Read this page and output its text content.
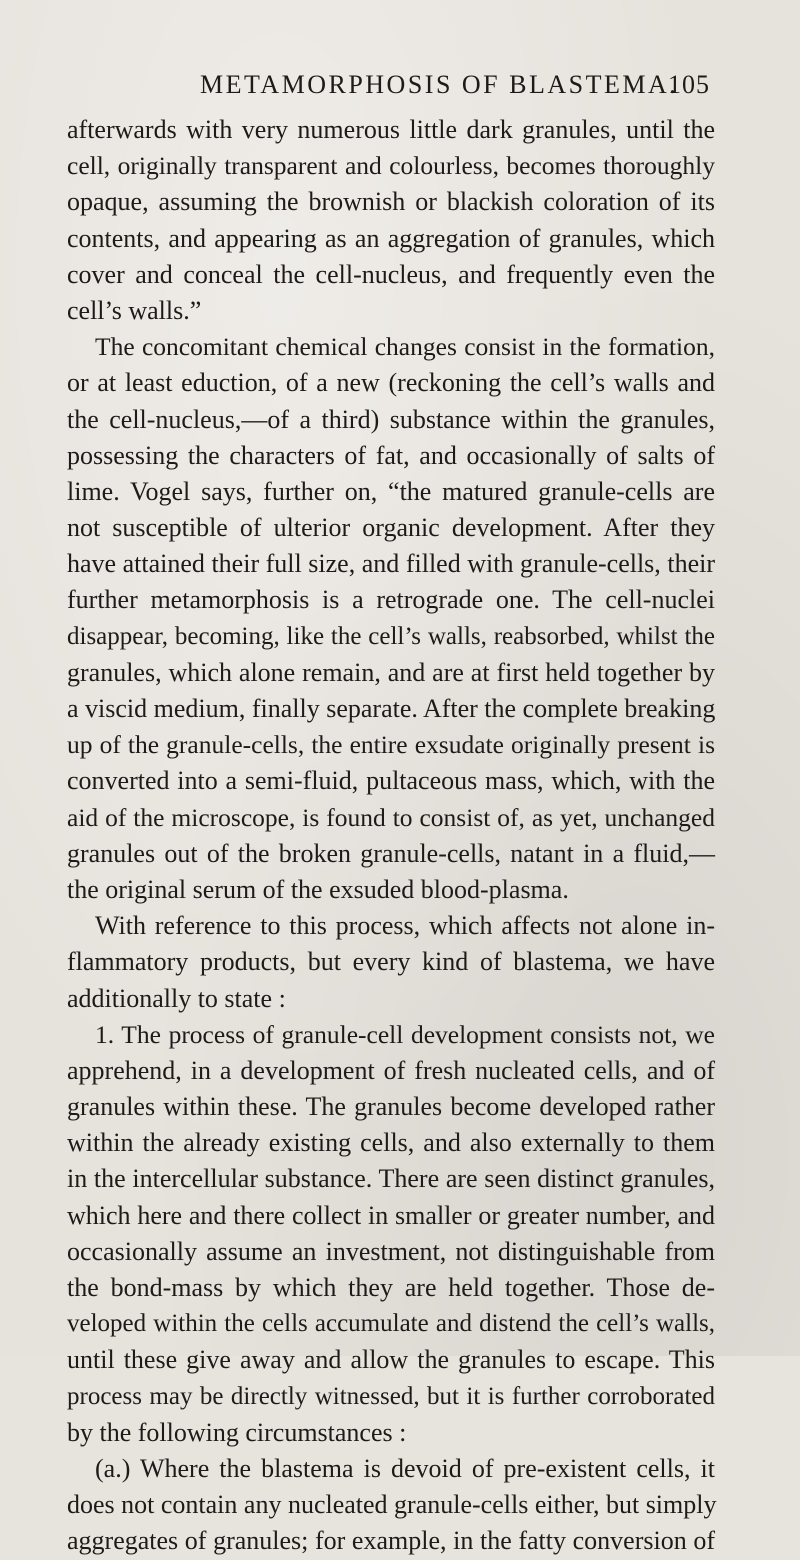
METAMORPHOSIS OF BLASTEMA.
105
afterwards with very numerous little dark granules, until the
cell, originally transparent and colourless, becomes thoroughly
opaque, assuming the brownish or blackish coloration of its
contents, and appearing as an aggregation of granules, which
cover and conceal the cell-nucleus, and frequently even the
cell’s walls.”
The concomitant chemical changes consist in the formation,
or at least eduction, of a new (reckoning the cell’s walls and
the cell-nucleus,—of a third) substance within the granules,
possessing the characters of fat, and occasionally of salts of
lime. Vogel says, further on, “the matured granule-cells are
not susceptible of ulterior organic development. After they
have attained their full size, and filled with granule-cells, their
further metamorphosis is a retrograde one. The cell-nuclei
disappear, becoming, like the cell’s walls, reabsorbed, whilst the
granules, which alone remain, and are at first held together by
a viscid medium, finally separate. After the complete breaking
up of the granule-cells, the entire exsudate originally present is
converted into a semi-fluid, pultaceous mass, which, with the
aid of the microscope, is found to consist of, as yet, unchanged
granules out of the broken granule-cells, natant in a fluid,—
the original serum of the exsuded blood-plasma.
With reference to this process, which affects not alone in-
flammatory products, but every kind of blastema, we have
additionally to state :
1. The process of granule-cell development consists not, we
apprehend, in a development of fresh nucleated cells, and of
granules within these. The granules become developed rather
within the already existing cells, and also externally to them
in the intercellular substance. There are seen distinct granules,
which here and there collect in smaller or greater number, and
occasionally assume an investment, not distinguishable from
the bond-mass by which they are held together. Those de-
veloped within the cells accumulate and distend the cell’s walls,
until these give away and allow the granules to escape. This
process may be directly witnessed, but it is further corroborated
by the following circumstances :
(a.) Where the blastema is devoid of pre-existent cells, it
does not contain any nucleated granule-cells either, but simply
aggregates of granules; for example, in the fatty conversion of
